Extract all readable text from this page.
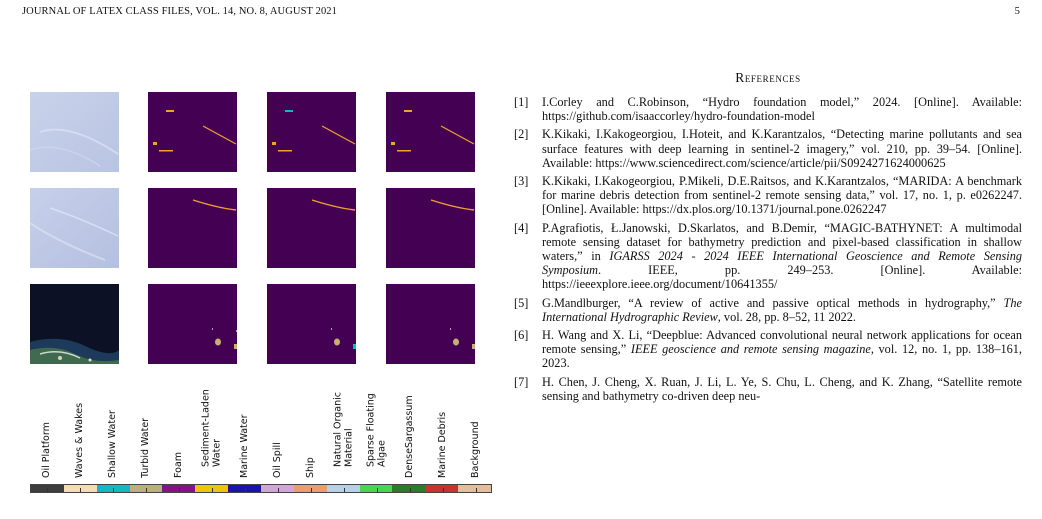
JOURNAL OF LATEX CLASS FILES, VOL. 14, NO. 8, AUGUST 2021	5
Oil Platform Waves & Wakes Shallow Water Turbid Water Foam Sediment-Laden
Water Marine Water Oil Spill Ship
Natural Organic
Material Sparse Floating
Algae DenseSargassum Marine Debris Background
References
[1] I.Corley and C.Robinson, “Hydro foundation model,” 2024. [Online]. Available: https://github.com/isaaccorley/hydro-foundation-model
[2] K.Kikaki, I.Kakogeorgiou, I.Hoteit, and K.Karantzalos, “Detecting marine pollutants and sea surface features with deep learning in sentinel-2 imagery,” vol. 210, pp. 39–54. [Online]. Available: https://www.sciencedirect.com/science/article/pii/S0924271624000625
[3] K.Kikaki, I.Kakogeorgiou, P.Mikeli, D.E.Raitsos, and K.Karantzalos, “MARIDA: A benchmark for marine debris detection from sentinel-2 remote sensing data,” vol. 17, no. 1, p. e0262247. [Online]. Available: https://dx.plos.org/10.1371/journal.pone.0262247
[4] P.Agrafiotis, Ł.Janowski, D.Skarlatos, and B.Demir, “MAGIC-BATHYNET: A multimodal remote sensing dataset for bathymetry prediction and pixel-based classification in shallow waters,” in IGARSS 2024 - 2024 IEEE International Geoscience and Remote Sensing Symposium. IEEE, pp. 249–253. [Online]. Available: https://ieeexplore.ieee.org/document/10641355/
[5] G.Mandlburger, “A review of active and passive optical methods in hydrography,” The International Hydrographic Review, vol. 28, pp. 8–52, 11 2022.
[6] H. Wang and X. Li, “Deepblue: Advanced convolutional neural network applications for ocean remote sensing,” IEEE geoscience and remote sensing magazine, vol. 12, no. 1, pp. 138–161, 2023.
[7] H. Chen, J. Cheng, X. Ruan, J. Li, L. Ye, S. Chu, L. Cheng, and K. Zhang, “Satellite remote sensing and bathymetry co-driven deep neu-
